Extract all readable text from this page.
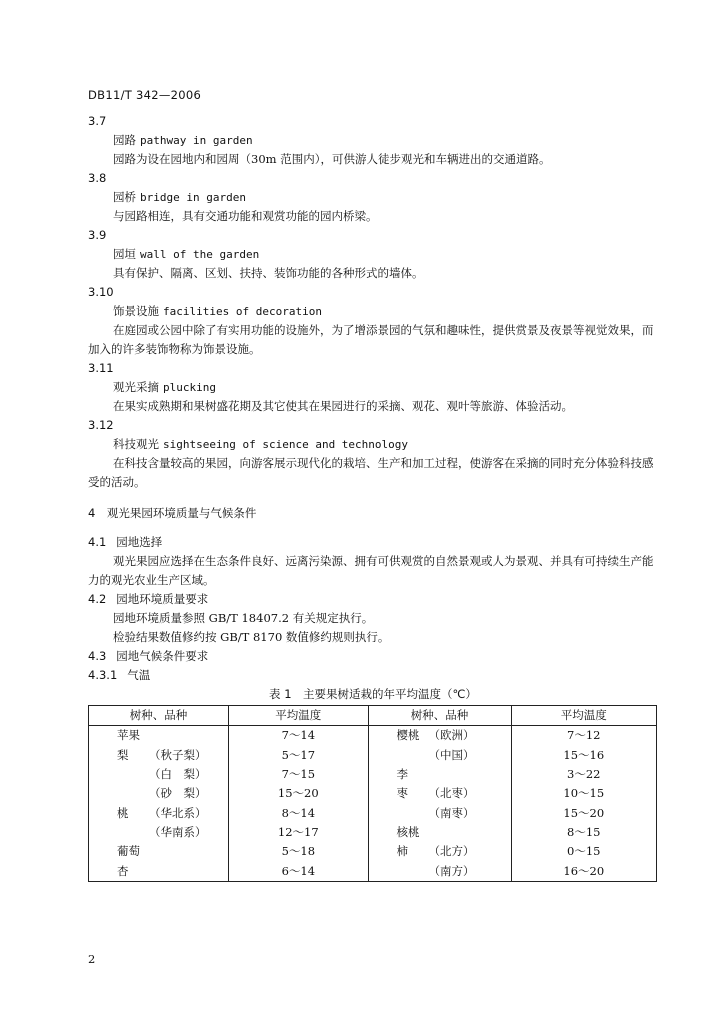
DB11/T 342—2006
3.7
园路 pathway in garden
园路为设在园地内和园周（30m 范围内），可供游人徒步观光和车辆进出的交通道路。
3.8
园桥 bridge in garden
与园路相连，具有交通功能和观赏功能的园内桥梁。
3.9
园垣 wall of the garden
具有保护、隔离、区划、扶持、装饰功能的各种形式的墙体。
3.10
饰景设施 facilities of decoration
在庭园或公园中除了有实用功能的设施外，为了增添景园的气氛和趣味性，提供赏景及夜景等视觉效果，而加入的许多装饰物称为饰景设施。
3.11
观光采摘 plucking
在果实成熟期和果树盛花期及其它使其在果园进行的采摘、观花、观叶等旅游、体验活动。
3.12
科技观光 sightseeing of science and technology
在科技含量较高的果园，向游客展示现代化的栽培、生产和加工过程，使游客在采摘的同时充分体验科技感受的活动。
4　观光果园环境质量与气候条件
4.1 园地选择
观光果园应选择在生态条件良好、远离污染源、拥有可供观赏的自然景观或人为景观、并具有可持续生产能力的观光农业生产区域。
4.2 园地环境质量要求
园地环境质量参照 GB/T 18407.2 有关规定执行。
检验结果数值修约按 GB/T 8170 数值修约规则执行。
4.3 园地气候条件要求
4.3.1 气温
表 1　主要果树适栽的年平均温度（℃）
树种、品种	平均温度	树种、品种	平均温度
苹果	7～14	樱桃 （欧洲）	7～12
梨 （秋子梨）	5～17	（中国）	15～16
（白　梨）	7～15	李	3～22
（砂　梨）	15～20	枣 （北枣）	10～15
桃 （华北系）	8～14	（南枣）	15～20
（华南系）	12～17	核桃	8～15
葡萄	5～18	柿 （北方）	0～15
杏	6～14	（南方）	16～20
2
